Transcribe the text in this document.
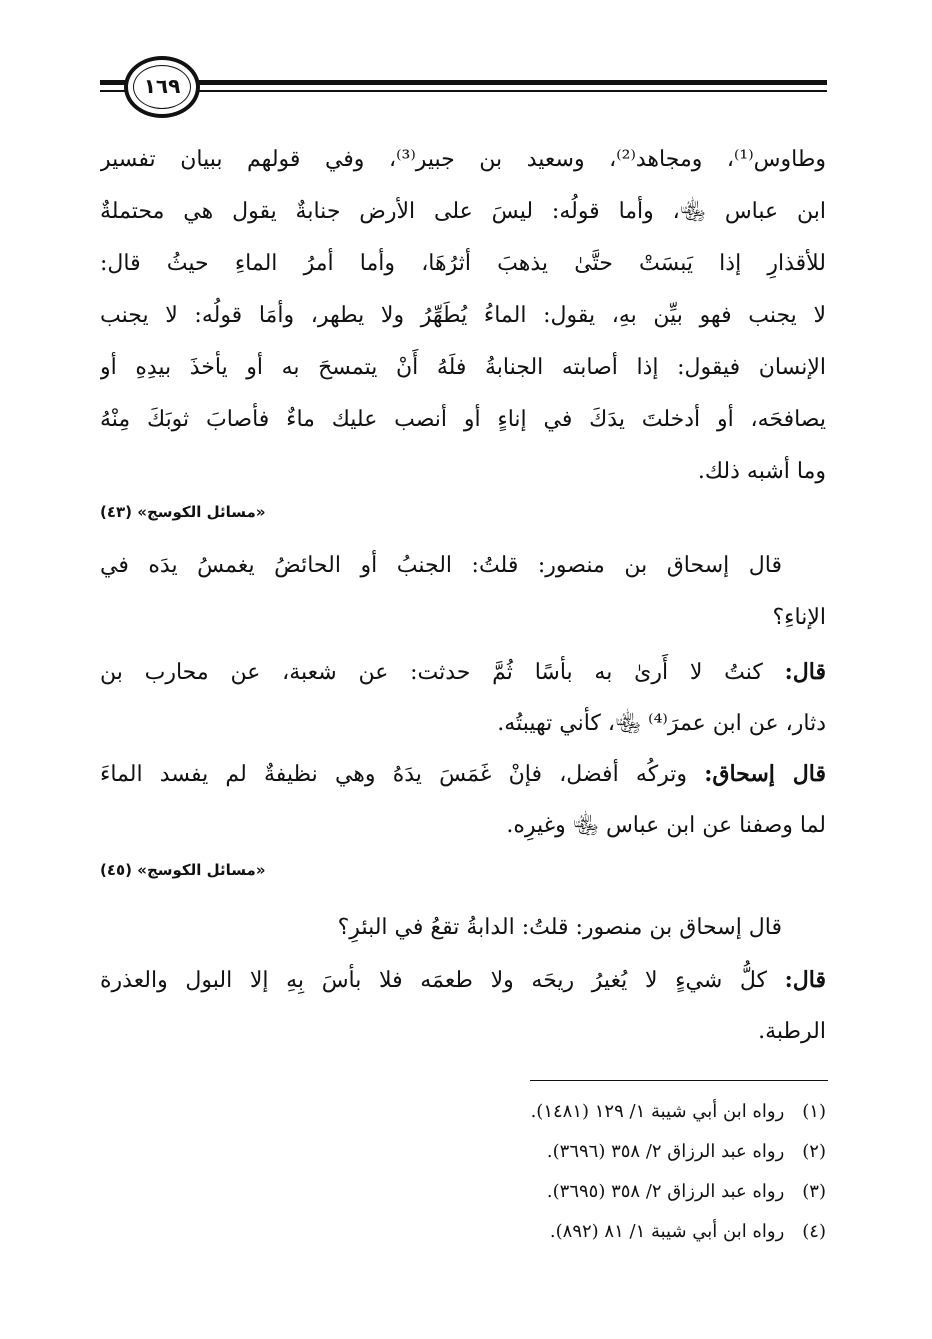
١٦٩
وطاوس⁽¹⁾، ومجاهد⁽²⁾، وسعيد بن جبير⁽³⁾، وفي قولهم ببيان تفسير
ابن عباس ﵄، وأما قولُه: ليسَ على الأرض جنابةٌ يقول هي محتملةٌ
للأقذارِ إذا يَبسَتْ حتَّىٰ يذهبَ أثرُهَا، وأما أمرُ الماءِ حيثُ قال:
لا يجنب فهو بيِّن بهِ، يقول: الماءُ يُطَهِّرُ ولا يطهر، وأمَا قولُه: لا يجنب
الإنسان فيقول: إذا أصابته الجنابةُ فلَهُ أَنْ يتمسحَ به أو يأخذَ بيدِهِ أو
يصافحَه، أو أدخلتَ يدَكَ في إناءٍ أو أنصب عليك ماءٌ فأصابَ ثوبَكَ مِنْهُ
وما أشبه ذلك.
«مسائل الكوسج» (٤٣)
قال إسحاق بن منصور: قلتُ: الجنبُ أو الحائضُ يغمسُ يدَه في
الإناءِ؟
قال: كنتُ لا أَرىٰ به بأسًا ثُمَّ حدثت: عن شعبة، عن محارب بن
دثار، عن ابن عمرَ⁽⁴⁾ ﵄، كأني تهيبتُه.
قال إسحاق: وتركُه أفضل، فإنْ غَمَسَ يدَهُ وهي نظيفةٌ لم يفسد الماءَ
لما وصفنا عن ابن عباس ﵄ وغيرِه.
«مسائل الكوسج» (٤٥)
قال إسحاق بن منصور: قلتُ: الدابةُ تقعُ في البئرِ؟
قال: كلُّ شيءٍ لا يُغيرُ ريحَه ولا طعمَه فلا بأسَ بِهِ إلا البول والعذرة
الرطبة.
(١) رواه ابن أبي شيبة ١/ ١٢٩ (١٤٨١).
(٢) رواه عبد الرزاق ٢/ ٣٥٨ (٣٦٩٦).
(٣) رواه عبد الرزاق ٢/ ٣٥٨ (٣٦٩٥).
(٤) رواه ابن أبي شيبة ١/ ٨١ (٨٩٢).
